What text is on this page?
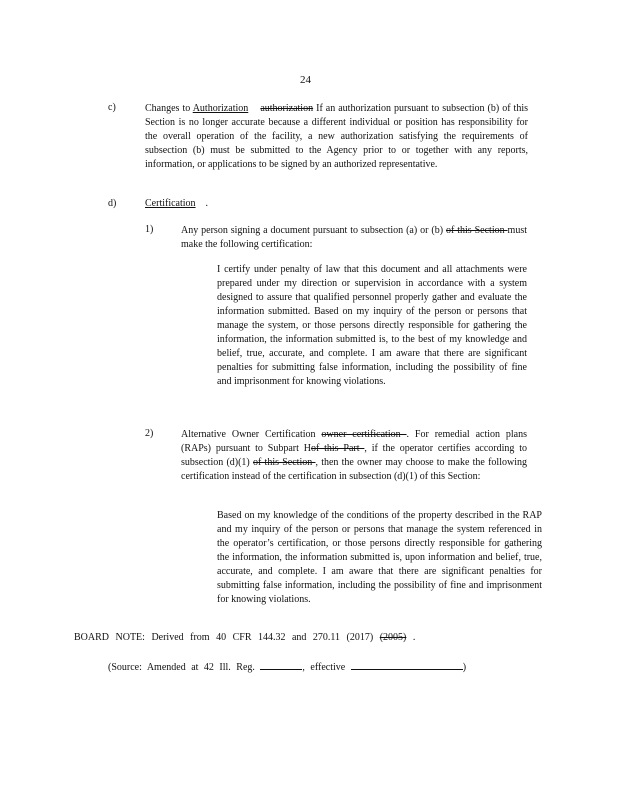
24
c)	Changes to Authorization authorization If an authorization pursuant to subsection (b) of this Section is no longer accurate because a different individual or position has responsibility for the overall operation of the facility, a new authorization satisfying the requirements of subsection (b) must be submitted to the Agency prior to or together with any reports, information, or applications to be signed by an authorized representative.
d)	Certification    .
1)	Any person signing a document pursuant to subsection (a) or (b) of this Section must make the following certification:
I certify under penalty of law that this document and all attachments were prepared under my direction or supervision in accordance with a system designed to assure that qualified personnel properly gather and evaluate the information submitted. Based on my inquiry of the person or persons that manage the system, or those persons directly responsible for gathering the information, the information submitted is, to the best of my knowledge and belief, true, accurate, and complete. I am aware that there are significant penalties for submitting false information, including the possibility of fine and imprisonment for knowing violations.
2)	Alternative Owner Certification owner certification . For remedial action plans (RAPs) pursuant to Subpart Hof this Part , if the operator certifies according to subsection (d)(1) of this Section , then the owner may choose to make the following certification instead of the certification in subsection (d)(1) of this Section:
Based on my knowledge of the conditions of the property described in the RAP and my inquiry of the person or persons that manage the system referenced in the operator’s certification, or those persons directly responsible for gathering the information, the information submitted is, upon information and belief, true, accurate, and complete. I am aware that there are significant penalties for submitting false information, including the possibility of fine and imprisonment for knowing violations.
BOARD NOTE: Derived from 40 CFR 144.32 and 270.11 (2017) (2005) .
(Source: Amended at 42 Ill. Reg.	, effective	)
